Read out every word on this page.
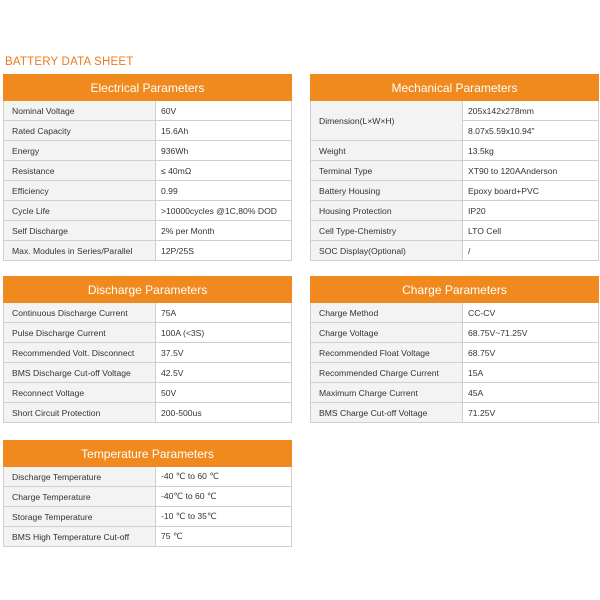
BATTERY DATA SHEET
Electrical Parameters	
Nominal Voltage	60V
Rated Capacity	15.6Ah
Energy	936Wh
Resistance	≤ 40mΩ
Efficiency	0.99
Cycle Life	>10000cycles @1C,80% DOD
Self Discharge	2% per Month
Max. Modules in Series/Parallel	12P/25S
Mechanical Parameters	
Dimension(L×W×H)	205x142x278mm
	8.07x5.59x10.94"
Weight	13.5kg
Terminal Type	XT90 to 120AAnderson
Battery Housing	Epoxy board+PVC
Housing Protection	IP20
Cell Type-Chemistry	LTO Cell
SOC Display(Optional)	/
Discharge Parameters	
Continuous Discharge Current	75A
Pulse Discharge Current	100A (<3S)
Recommended Volt. Disconnect	37.5V
BMS Discharge Cut-off Voltage	42.5V
Reconnect Voltage	50V
Short Circuit Protection	200-500us
Charge Parameters	
Charge Method	CC-CV
Charge Voltage	68.75V~71.25V
Recommended Float Voltage	68.75V
Recommended Charge Current	15A
Maximum Charge Current	45A
BMS Charge Cut-off Voltage	71.25V
Temperature Parameters	
Discharge Temperature	-40 ℃ to 60 ℃
Charge Temperature	-40℃ to 60 ℃
Storage Temperature	-10 ℃ to 35℃
BMS High Temperature Cut-off	75 ℃
